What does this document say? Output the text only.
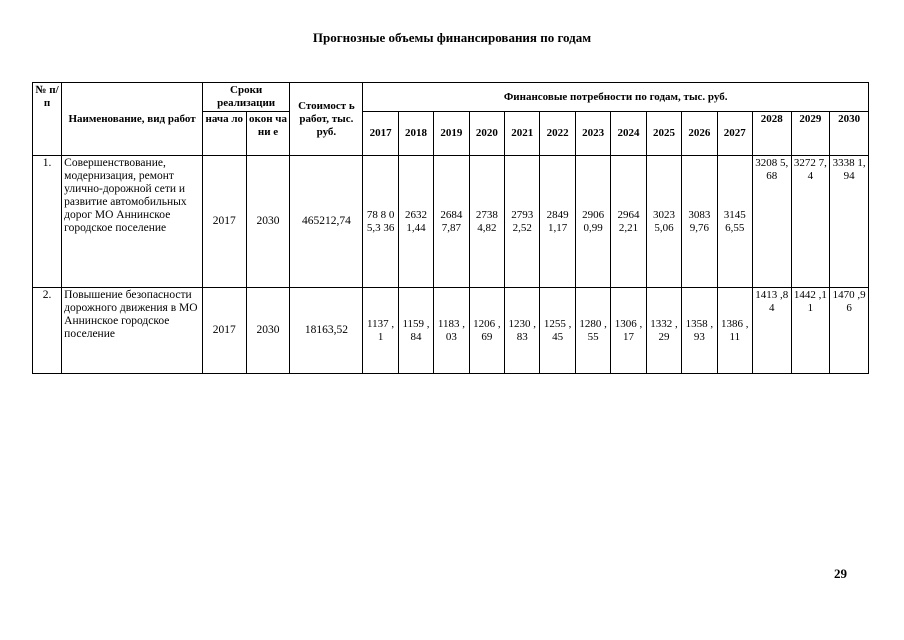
Прогнозные объемы финансирования по годам
№ п/п	Наименование, вид работ	Сроки реализации		Стоимост ь работ, тыс. руб.	Финансовые потребности по годам, тыс. руб.													
		нача ло	окон чани е		2017	2018	2019	2020	2021	2022	2023	2024	2025	2026	2027	2028	2029	2030
1.	Совершенствование, модернизация, ремонт улично-дорожной сети и развитие автомобильных дорог МО Аннинское городское поселение	2017	2030	465212,74	78 8 05,3 36	2632 1,44	2684 7,87	2738 4,82	2793 2,52	2849 1,17	2906 0,99	2964 2,21	3023 5,06	3083 9,76	3145 6,55	3208 5,68	3272 7,4	3338 1,94
2.	Повышение безопасности дорожного движения в МО Аннинское городское поселение	2017	2030	18163,52	1137 ,1	1159 ,84	1183 ,03	1206 ,69	1230 ,83	1255 ,45	1280 ,55	1306 ,17	1332 ,29	1358 ,93	1386 ,11	1413 ,84	1442 ,11	1470 ,96
29
